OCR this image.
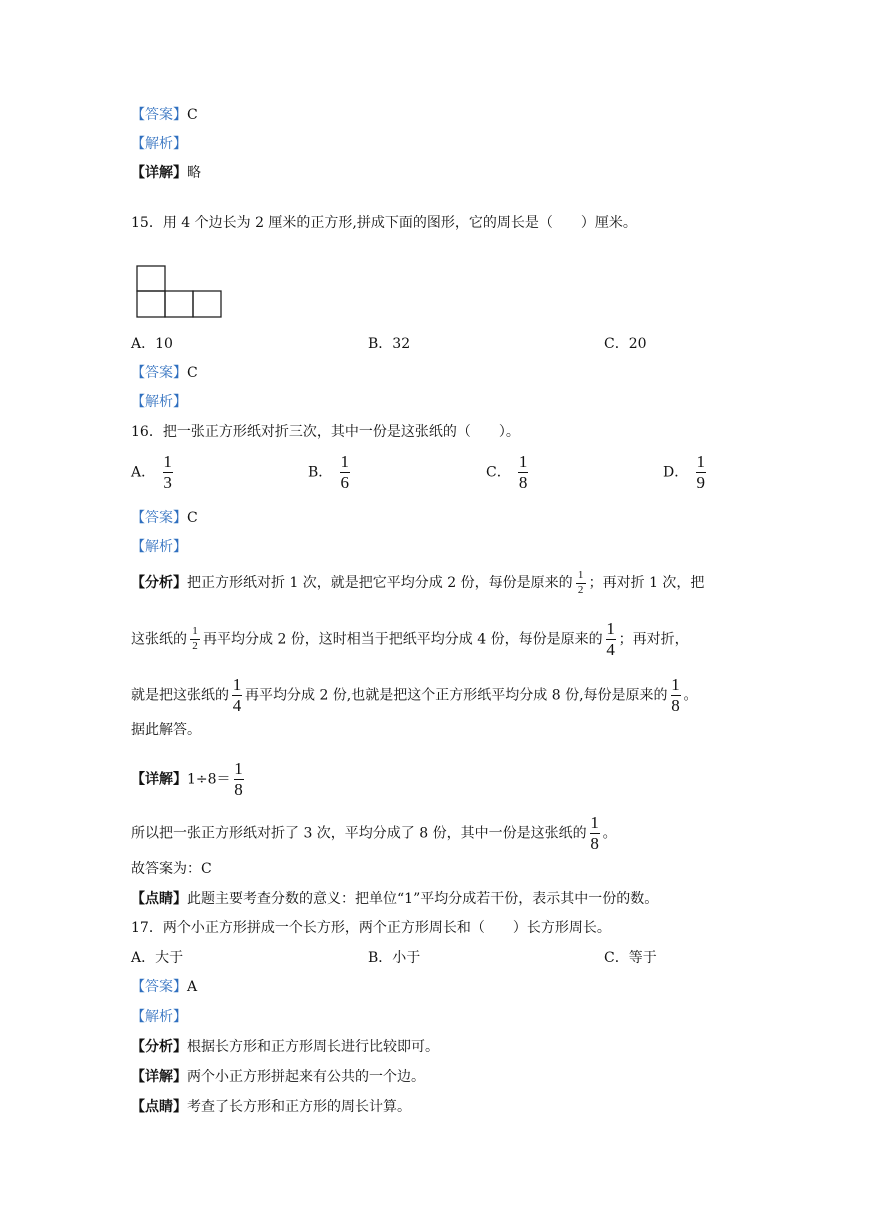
【答案】C
【解析】
【详解】略
15．用 4 个边长为 2 厘米的正方形,拼成下面的图形，它的周长是（　　）厘米。
A．10	B．32	C．20
【答案】C
【解析】
16．把一张正方形纸对折三次，其中一份是这张纸的（　　）。
A． $\frac{1}{3}$	B． $\frac{1}{6}$	C． $\frac{1}{8}$	D． $\frac{1}{9}$
【答案】C
【解析】
【分析】把正方形纸对折 1 次，就是把它平均分成 2 份，每份是原来的 $\frac{1}{2}$ ；再对折 1 次，把
这张纸的 $\frac{1}{2}$ 再平均分成 2 份，这时相当于把纸平均分成 4 份，每份是原来的 $\frac{1}{4}$ ；再对折，
就是把这张纸的 $\frac{1}{4}$ 再平均分成 2 份,也就是把这个正方形纸平均分成 8 份,每份是原来的 $\frac{1}{8}$ 。
据此解答。
【详解】$1\div 8= \frac{1}{8}$
所以把一张正方形纸对折了 3 次，平均分成了 8 份，其中一份是这张纸的 $\frac{1}{8}$ 。
故答案为：C
【点睛】此题主要考查分数的意义：把单位“1”平均分成若干份，表示其中一份的数。
17．两个小正方形拼成一个长方形，两个正方形周长和（　　）长方形周长。
A．大于	B．小于	C．等于
【答案】A
【解析】
【分析】根据长方形和正方形周长进行比较即可。
【详解】两个小正方形拼起来有公共的一个边。
【点睛】考查了长方形和正方形的周长计算。
